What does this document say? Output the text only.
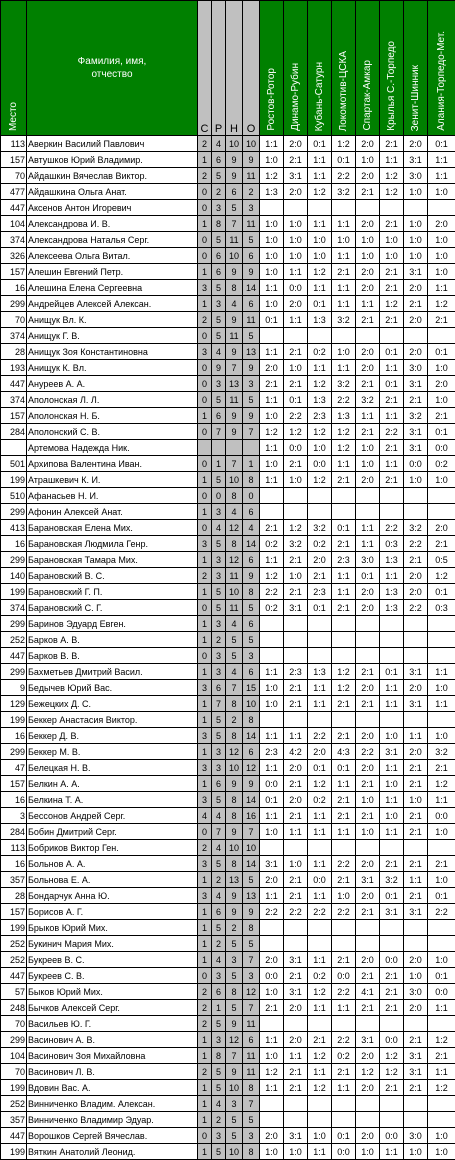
Место	Фамилия, имя, отчество	С	Р	Н	О	Ростов-Ротор	Динамо-Рубин	Кубань-Сатурн	Локомотив-ЦСКА	Спартак-Амкар	Крылья С.-Торпедо	Зенит-Шинник	Алания-Торпедо-Мет.
113	Аверкин Василий Павлович	2	4	10	10	1:1	2:0	0:1	1:2	2:0	2:1	2:0	0:1
157	Автушков Юрий Владимир.	1	6	9	9	1:0	2:1	1:1	0:1	1:0	1:1	3:1	1:1
70	Айдашкин Вячеслав Виктор.	2	5	9	11	1:2	3:1	1:1	2:2	2:0	1:2	3:0	1:1
477	Айдашкина Ольга Анат.	0	2	6	2	1:3	2:0	1:2	3:2	2:1	1:2	1:0	1:0
447	Аксенов Антон Игоревич	0	3	5	3								
104	Александрова И. В.	1	8	7	11	1:0	1:0	1:1	1:1	2:0	2:1	1:0	2:0
374	Александрова Наталья Серг.	0	5	11	5	1:0	1:0	1:0	1:0	1:0	1:0	1:0	1:0
326	Алексеева Ольга Витал.	0	6	10	6	1:0	1:0	1:0	1:1	1:0	1:0	1:0	1:0
157	Алешин Евгений Петр.	1	6	9	9	1:0	1:1	1:2	2:1	2:0	2:1	3:1	1:0
16	Алешина Елена Сергеевна	3	5	8	14	1:1	0:0	1:1	1:1	2:0	2:1	2:0	1:1
299	Андрейцев Алексей Алексан.	1	3	4	6	1:0	2:0	0:1	1:1	1:1	1:2	2:1	1:2
70	Анищук Вл. К.	2	5	9	11	0:1	1:1	1:3	3:2	2:1	2:1	2:0	2:1
374	Анищук Г. В.	0	5	11	5								
28	Анищук Зоя Константиновна	3	4	9	13	1:1	2:1	0:2	1:0	2:0	0:1	2:0	0:1
193	Анищук К. Вл.	0	9	7	9	2:0	1:0	1:1	1:1	2:0	1:1	3:0	1:0
447	Ануреев А. А.	0	3	13	3	2:1	2:1	1:2	3:2	2:1	0:1	3:1	2:0
374	Аполонская Л. Л.	0	5	11	5	1:1	0:1	1:3	2:2	3:2	2:1	2:1	1:0
157	Аполонская Н. Б.	1	6	9	9	1:0	2:2	2:3	1:3	1:1	1:1	3:2	2:1
284	Аполонский С. В.	0	7	9	7	1:2	1:2	1:2	1:2	2:1	2:2	3:1	0:1
	Артемова Надежда Ник.					1:1	0:0	1:0	1:2	1:0	2:1	3:1	0:0
501	Архипова Валентина Иван.	0	1	7	1	1:0	2:1	0:0	1:1	1:0	1:1	0:0	0:2
199	Атрашкевич К. И.	1	5	10	8	1:1	1:0	1:2	2:1	2:0	2:1	1:0	1:0
510	Афанасьев Н. И.	0	0	8	0								
299	Афонин Алексей Анат.	1	3	4	6								
413	Барановская Елена Мих.	0	4	12	4	2:1	1:2	3:2	0:1	1:1	2:2	3:2	2:0
16	Барановская Людмила Генр.	3	5	8	14	0:2	3:2	0:2	2:1	1:1	0:3	2:2	2:1
299	Барановская Тамара Мих.	1	3	12	6	1:1	2:1	2:0	2:3	3:0	1:3	2:1	0:5
140	Барановский В. С.	2	3	11	9	1:2	1:0	2:1	1:1	0:1	1:1	2:0	1:2
199	Барановский Г. П.	1	5	10	8	2:2	2:1	2:3	1:1	2:0	1:3	2:0	0:1
374	Барановский С. Г.	0	5	11	5	0:2	3:1	0:1	2:1	2:0	1:3	2:2	0:3
299	Баринов Эдуард Евген.	1	3	4	6								
252	Барков А. В.	1	2	5	5								
447	Барков В. В.	0	3	5	3								
299	Бахметьев Дмитрий Васил.	1	3	4	6	1:1	2:3	1:3	1:2	2:1	0:1	3:1	1:1
9	Бедычев Юрий Вас.	3	6	7	15	1:0	2:1	1:1	1:2	2:0	1:1	2:0	1:0
129	Бежецких Д. С.	1	7	8	10	1:0	2:1	1:1	2:1	2:1	1:1	3:1	1:1
199	Беккер Анастасия Виктор.	1	5	2	8								
16	Беккер Д. В.	3	5	8	14	1:1	1:1	2:2	2:1	2:0	1:0	1:1	1:0
299	Беккер М. В.	1	3	12	6	2:3	4:2	2:0	4:3	2:2	3:1	2:0	3:2
47	Белецкая Н. В.	3	3	10	12	1:1	2:0	0:1	0:1	2:0	1:1	2:1	2:1
157	Белкин А. А.	1	6	9	9	0:0	2:1	1:2	1:1	2:1	1:0	2:1	1:2
16	Белкина Т. А.	3	5	8	14	0:1	2:0	0:2	2:1	1:0	1:1	1:0	1:1
3	Бессонов Андрей Серг.	4	4	8	16	1:1	2:1	1:1	2:1	2:1	1:0	2:1	0:0
284	Бобин Дмитрий Серг.	0	7	9	7	1:0	1:1	1:1	1:1	1:0	1:1	2:1	1:0
113	Бобриков Виктор Ген.	2	4	10	10								
16	Больнов А. А.	3	5	8	14	3:1	1:0	1:1	2:2	2:0	2:1	2:1	2:1
357	Больнова Е. А.	1	2	13	5	2:0	2:1	0:0	2:1	3:1	3:2	1:1	1:0
28	Бондарчук Анна Ю.	3	4	9	13	1:1	2:1	1:1	1:0	2:0	0:1	2:1	0:1
157	Борисов А. Г.	1	6	9	9	2:2	2:2	2:2	2:2	2:1	3:1	3:1	2:2
199	Брыков Юрий Мих.	1	5	2	8								
252	Букинич Мария Мих.	1	2	5	5								
252	Букреев В. С.	1	4	3	7	2:0	3:1	1:1	2:1	2:0	0:0	2:0	1:0
447	Букреев С. В.	0	3	5	3	0:0	2:1	0:2	0:0	2:1	2:1	1:0	0:1
57	Быков Юрий Мих.	2	6	8	12	1:0	3:1	1:2	2:2	4:1	2:1	3:0	0:0
248	Бычков Алексей Серг.	2	1	5	7	2:1	2:0	1:1	1:1	2:1	2:1	2:0	1:1
70	Васильев Ю. Г.	2	5	9	11								
299	Васинович А. В.	1	3	12	6	1:1	2:0	2:1	2:2	3:1	0:0	2:1	1:2
104	Васинович Зоя Михайловна	1	8	7	11	1:0	1:1	1:2	0:2	2:0	1:2	3:1	2:1
70	Васинович Л. В.	2	5	9	11	1:2	2:1	1:1	2:1	1:2	1:2	3:1	1:1
199	Вдовин Вас. А.	1	5	10	8	1:1	2:1	1:2	1:1	2:0	2:1	2:1	1:2
252	Винниченко Владим. Алексан.	1	4	3	7								
357	Винниченко Владимир Эдуар.	1	2	5	5								
447	Ворошков Сергей Вячеслав.	0	3	5	3	2:0	3:1	1:0	0:1	2:0	0:0	3:0	1:0
199	Вяткин Анатолий Леонид.	1	5	10	8	1:0	1:0	1:1	0:0	1:0	1:1	1:0	1:0
